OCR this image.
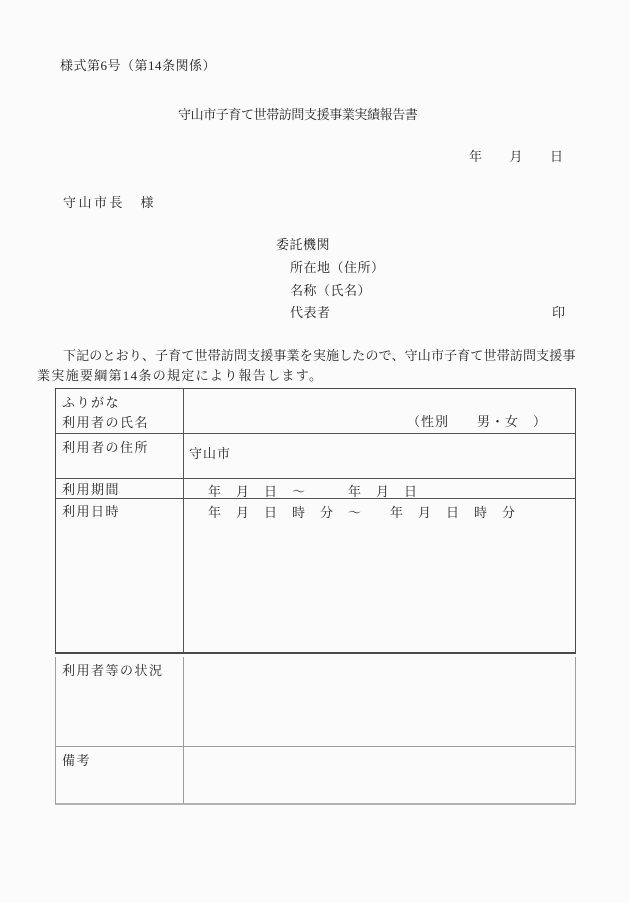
様式第6号（第14条関係）
守山市子育て世帯訪問支援事業実績報告書
年　　月　　日
守山市長　様
委託機関
所在地（住所）
名称（氏名）
代表者	印
下記のとおり、子育て世帯訪問支援事業を実施したので、守山市子育て世帯訪問支援事
業実施要綱第14条の規定により報告します。
ふりがな
利用者の氏名

	（性別　　男・女　）

利用者の住所	守山市
利用期間	年　月　日　～　　　年　月　日
利用日時	年　月　日　時　分　～　　年　月　日　時　分
利用者等の状況
備考
